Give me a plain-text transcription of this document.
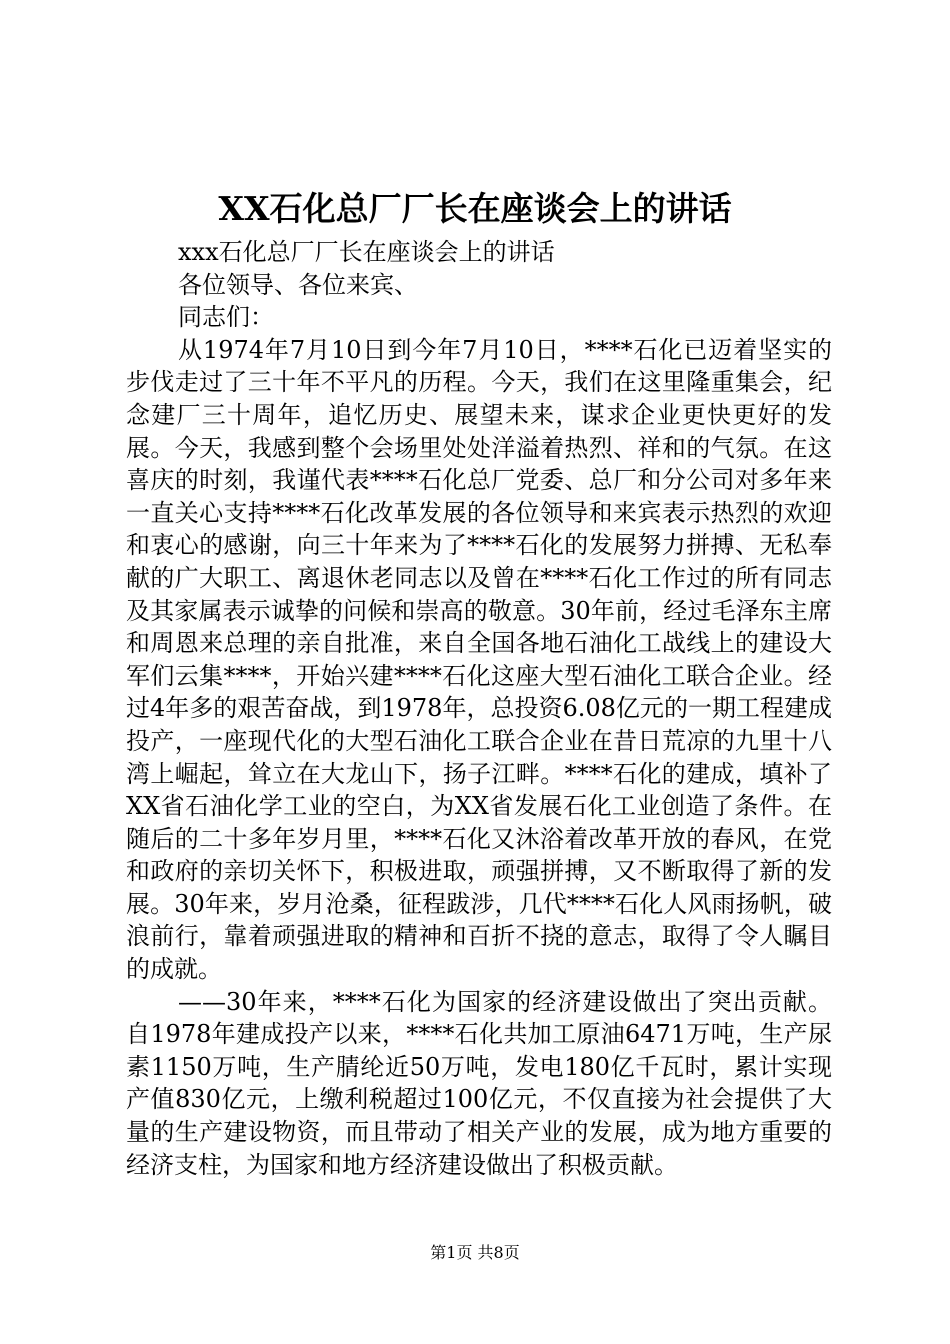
XX石化总厂厂长在座谈会上的讲话

xxx石化总厂厂长在座谈会上的讲话

各位领导、各位来宾、

同志们：

从1974年7月10日到今年7月10日，****石化已迈着坚实的步伐走过了三十年不平凡的历程。今天，我们在这里隆重集会，纪念建厂三十周年，追忆历史、展望未来，谋求企业更快更好的发展。今天，我感到整个会场里处处洋溢着热烈、祥和的气氛。在这喜庆的时刻，我谨代表****石化总厂党委、总厂和分公司对多年来一直关心支持****石化改革发展的各位领导和来宾表示热烈的欢迎和衷心的感谢，向三十年来为了****石化的发展努力拼搏、无私奉献的广大职工、离退休老同志以及曾在****石化工作过的所有同志及其家属表示诚挚的问候和崇高的敬意。30年前，经过毛泽东主席和周恩来总理的亲自批准，来自全国各地石油化工战线上的建设大军们云集****，开始兴建****石化这座大型石油化工联合企业。经过4年多的艰苦奋战，到1978年，总投资6.08亿元的一期工程建成投产，一座现代化的大型石油化工联合企业在昔日荒凉的九里十八湾上崛起，耸立在大龙山下，扬子江畔。****石化的建成，填补了XX省石油化学工业的空白，为XX省发展石化工业创造了条件。在随后的二十多年岁月里，****石化又沐浴着改革开放的春风，在党和政府的亲切关怀下，积极进取，顽强拼搏，又不断取得了新的发展。30年来，岁月沧桑，征程跋涉，几代****石化人风雨扬帆，破浪前行，靠着顽强进取的精神和百折不挠的意志，取得了令人瞩目的成就。

——30年来，****石化为国家的经济建设做出了突出贡献。自1978年建成投产以来，****石化共加工原油6471万吨，生产尿素1150万吨，生产腈纶近50万吨，发电180亿千瓦时，累计实现产值830亿元，上缴利税超过100亿元，不仅直接为社会提供了大量的生产建设物资，而且带动了相关产业的发展，成为地方重要的经济支柱，为国家和地方经济建设做出了积极贡献。

第1页 共8页
